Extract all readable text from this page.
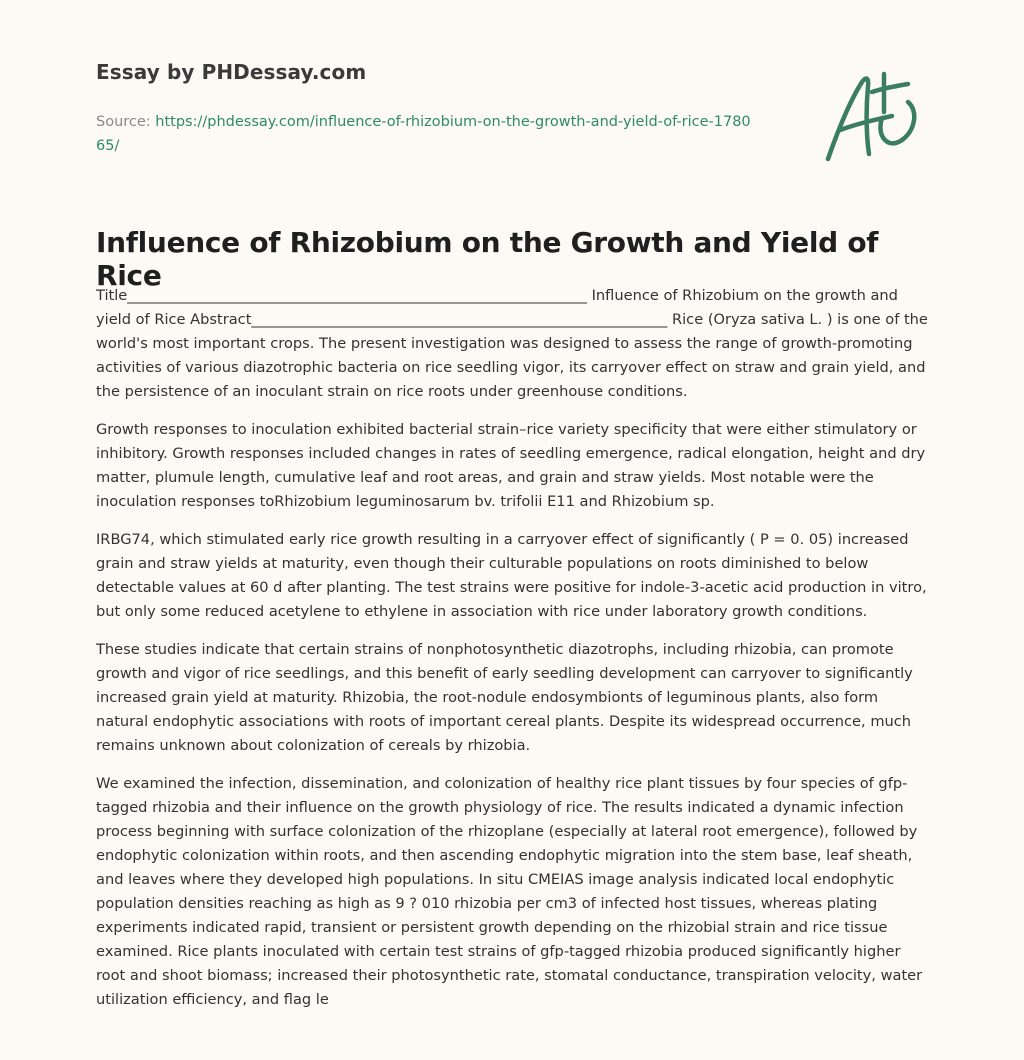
Essay by PHDessay.com
Source: https://phdessay.com/influence-of-rhizobium-on-the-growth-and-yield-of-rice-178065/
Influence of Rhizobium on the Growth and Yield of Rice

Title_______________________________________________________________ Influence of Rhizobium on the growth and yield of Rice Abstract_________________________________________________________ Rice (Oryza sativa L. ) is one of the world's most important crops. The present investigation was designed to assess the range of growth-promoting activities of various diazotrophic bacteria on rice seedling vigor, its carryover effect on straw and grain yield, and the persistence of an inoculant strain on rice roots under greenhouse conditions.

Growth responses to inoculation exhibited bacterial strain–rice variety specificity that were either stimulatory or inhibitory. Growth responses included changes in rates of seedling emergence, radical elongation, height and dry matter, plumule length, cumulative leaf and root areas, and grain and straw yields. Most notable were the inoculation responses toRhizobium leguminosarum bv. trifolii E11 and Rhizobium sp.

IRBG74, which stimulated early rice growth resulting in a carryover effect of significantly ( P = 0. 05) increased grain and straw yields at maturity, even though their culturable populations on roots diminished to below detectable values at 60 d after planting. The test strains were positive for indole-3-acetic acid production in vitro, but only some reduced acetylene to ethylene in association with rice under laboratory growth conditions.

These studies indicate that certain strains of nonphotosynthetic diazotrophs, including rhizobia, can promote growth and vigor of rice seedlings, and this benefit of early seedling development can carryover to significantly increased grain yield at maturity. Rhizobia, the root-nodule endosymbionts of leguminous plants, also form natural endophytic associations with roots of important cereal plants. Despite its widespread occurrence, much remains unknown about colonization of cereals by rhizobia.

We examined the infection, dissemination, and colonization of healthy rice plant tissues by four species of gfp-tagged rhizobia and their influence on the growth physiology of rice. The results indicated a dynamic infection process beginning with surface colonization of the rhizoplane (especially at lateral root emergence), followed by endophytic colonization within roots, and then ascending endophytic migration into the stem base, leaf sheath, and leaves where they developed high populations. In situ CMEIAS image analysis indicated local endophytic population densities reaching as high as 9 ? 010 rhizobia per cm3 of infected host tissues, whereas plating experiments indicated rapid, transient or persistent growth depending on the rhizobial strain and rice tissue examined. Rice plants inoculated with certain test strains of gfp-tagged rhizobia produced significantly higher root and shoot biomass; increased their photosynthetic rate, stomatal conductance, transpiration velocity, water utilization efficiency, and flag le
